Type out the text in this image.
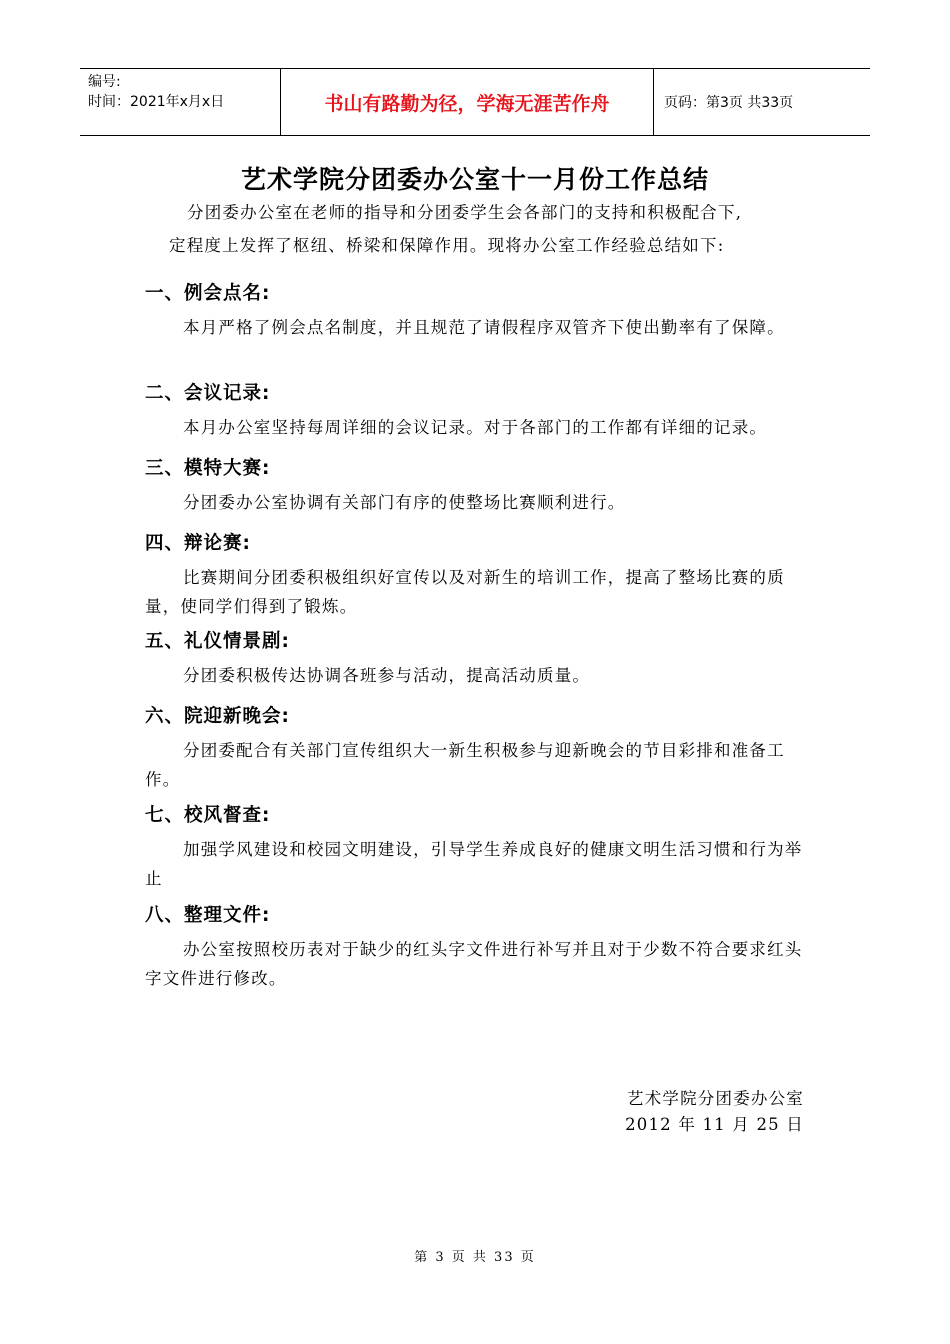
编号:
时间：2021年x月x日	书山有路勤为径，学海无涯苦作舟	页码：第3页 共33页
艺术学院分团委办公室十一月份工作总结
分团委办公室在老师的指导和分团委学生会各部门的支持和积极配合下,
定程度上发挥了枢纽、桥梁和保障作用。现将办公室工作经验总结如下:
一、例会点名:
本月严格了例会点名制度，并且规范了请假程序双管齐下使出勤率有了保障。
二、会议记录:
本月办公室坚持每周详细的会议记录。对于各部门的工作都有详细的记录。
三、模特大赛:
分团委办公室协调有关部门有序的使整场比赛顺利进行。
四、辩论赛:
比赛期间分团委积极组织好宣传以及对新生的培训工作，提高了整场比赛的质量，使同学们得到了锻炼。
五、礼仪情景剧:
分团委积极传达协调各班参与活动，提高活动质量。
六、院迎新晚会:
分团委配合有关部门宣传组织大一新生积极参与迎新晚会的节目彩排和准备工作。
七、校风督查:
加强学风建设和校园文明建设，引导学生养成良好的健康文明生活习惯和行为举止
八、整理文件:
办公室按照校历表对于缺少的红头字文件进行补写并且对于少数不符合要求红头字文件进行修改。
艺术学院分团委办公室
2012 年 11 月 25 日
第 3 页 共 33 页
